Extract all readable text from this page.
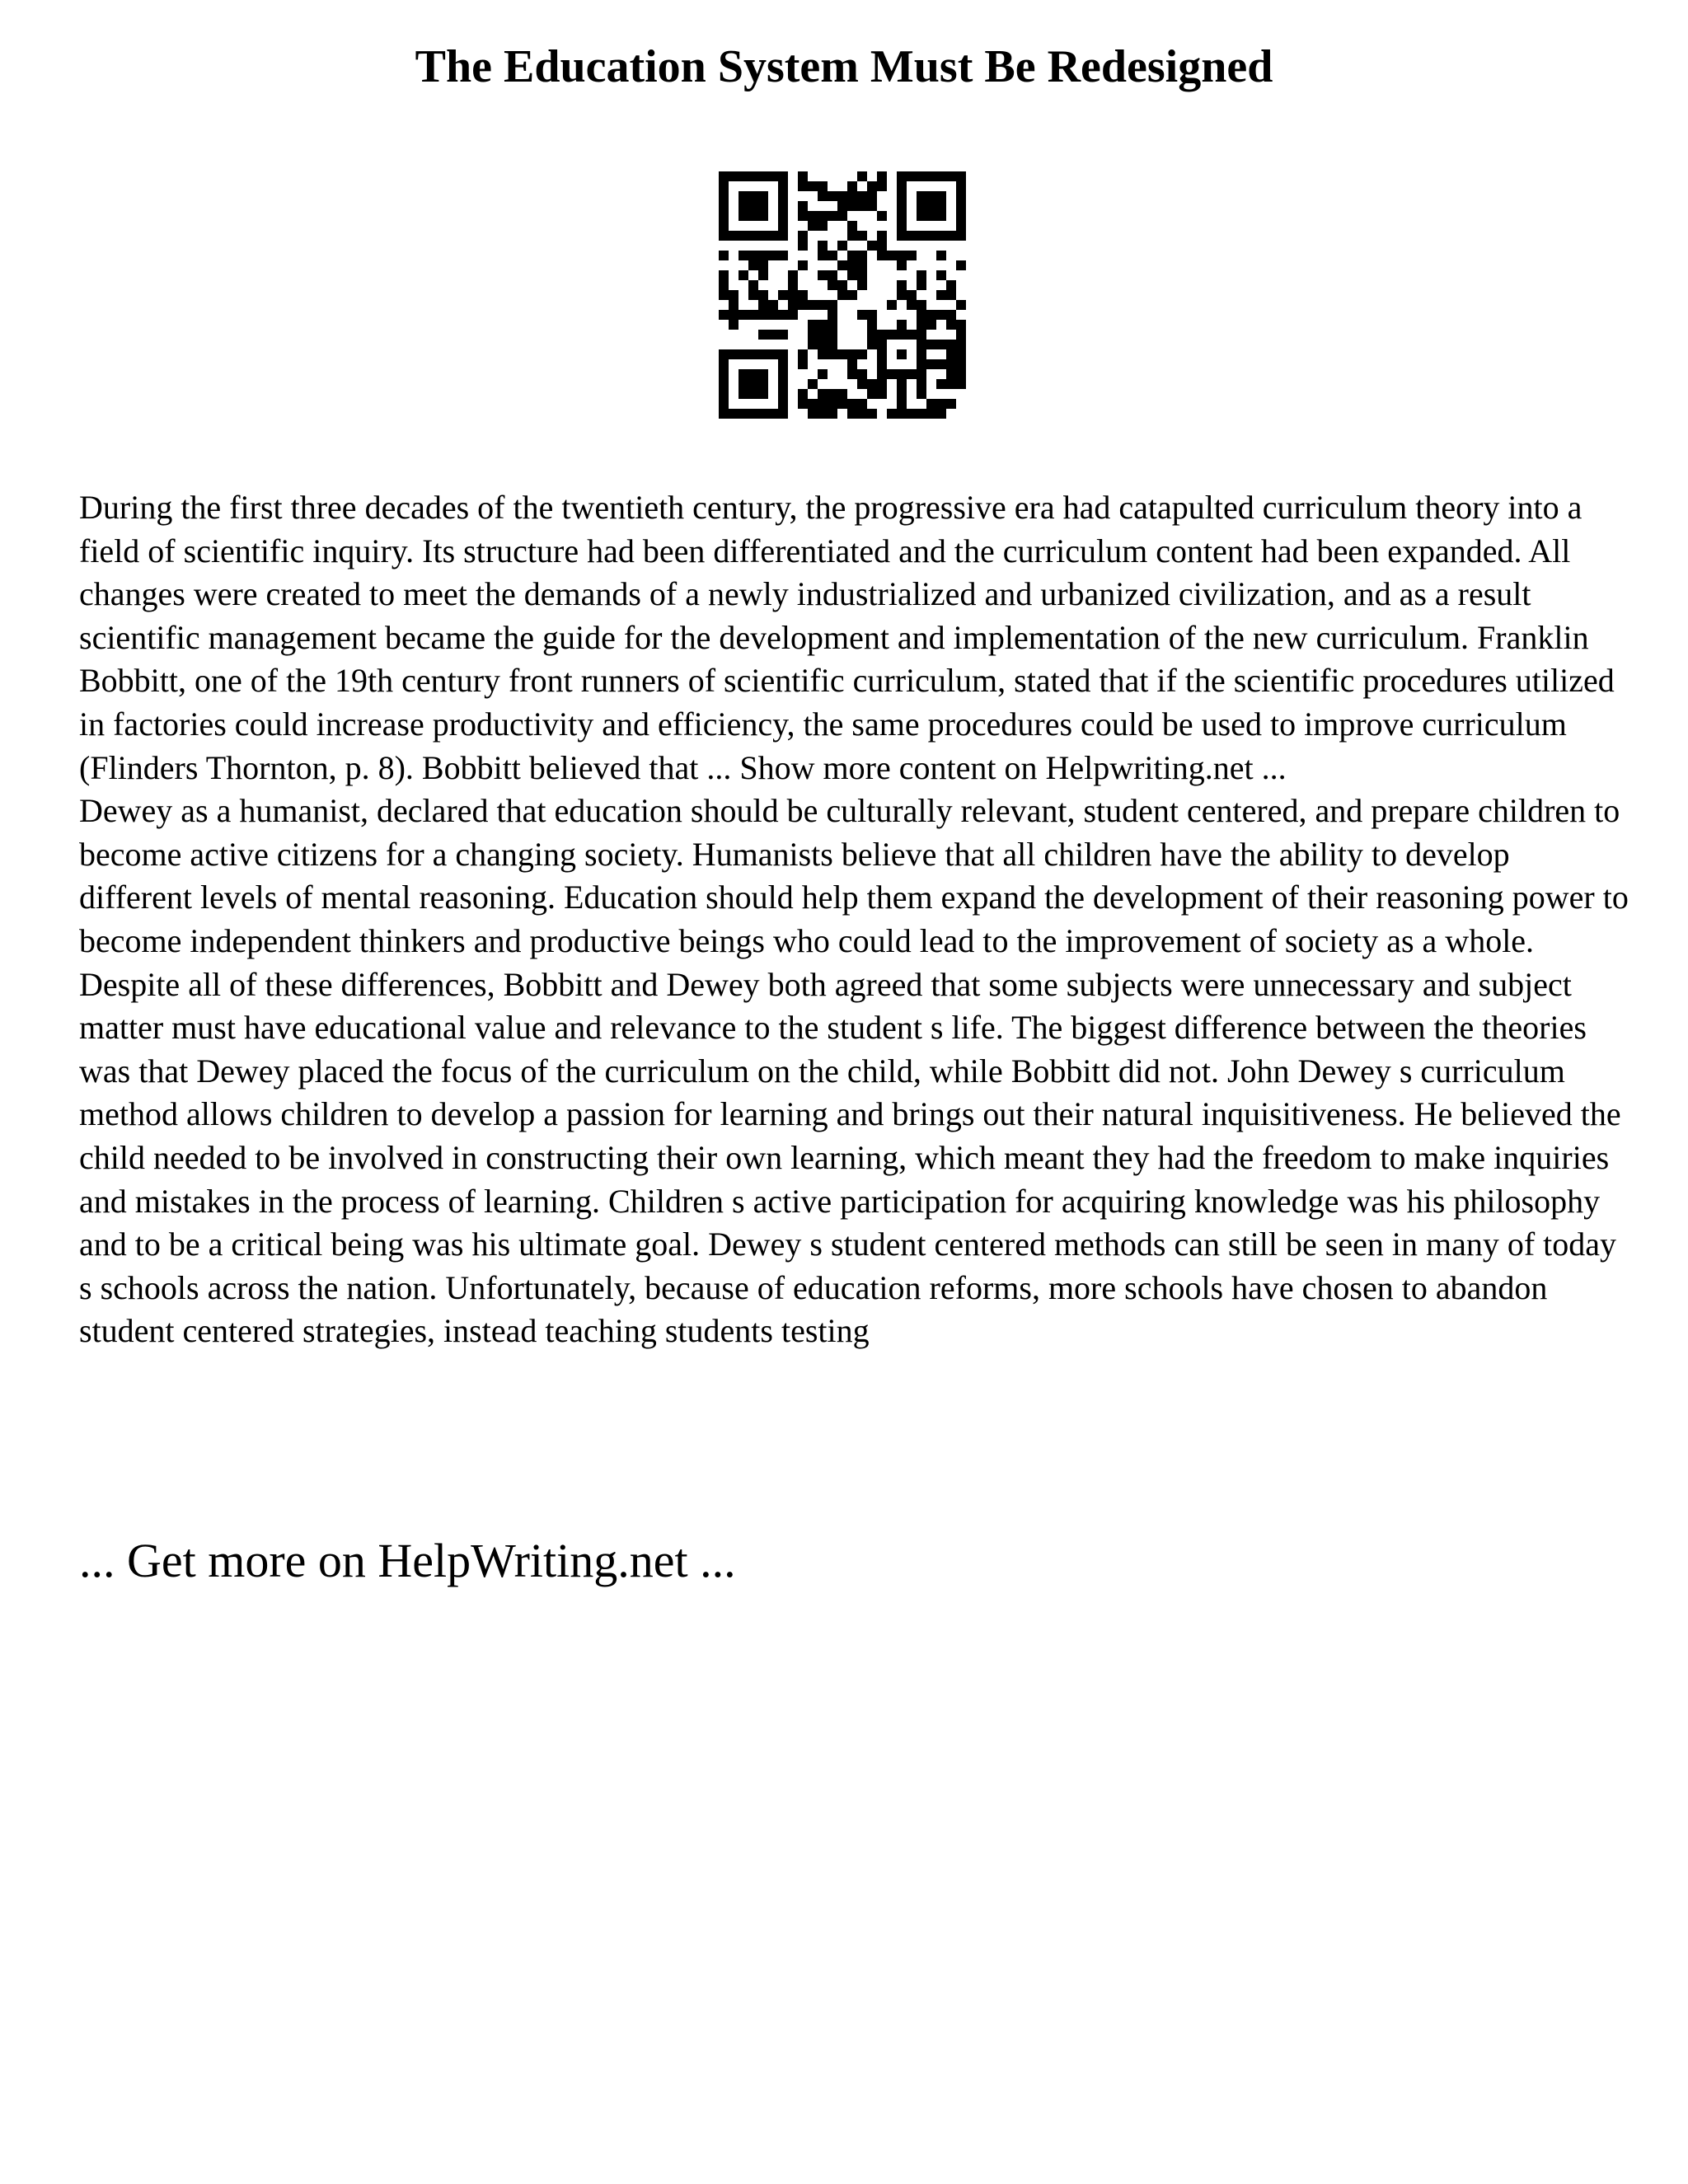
The Education System Must Be Redesigned

During the first three decades of the twentieth century, the progressive era had catapulted curriculum theory into a field of scientific inquiry. Its structure had been differentiated and the curriculum content had been expanded. All changes were created to meet the demands of a newly industrialized and urbanized civilization, and as a result scientific management became the guide for the development and implementation of the new curriculum. Franklin Bobbitt, one of the 19th century front runners of scientific curriculum, stated that if the scientific procedures utilized in factories could increase productivity and efficiency, the same procedures could be used to improve curriculum (Flinders Thornton, p. 8). Bobbitt believed that ... Show more content on Helpwriting.net ...

Dewey as a humanist, declared that education should be culturally relevant, student centered, and prepare children to become active citizens for a changing society. Humanists believe that all children have the ability to develop different levels of mental reasoning. Education should help them expand the development of their reasoning power to become independent thinkers and productive beings who could lead to the improvement of society as a whole. Despite all of these differences, Bobbitt and Dewey both agreed that some subjects were unnecessary and subject matter must have educational value and relevance to the student s life. The biggest difference between the theories was that Dewey placed the focus of the curriculum on the child, while Bobbitt did not. John Dewey s curriculum method allows children to develop a passion for learning and brings out their natural inquisitiveness. He believed the child needed to be involved in constructing their own learning, which meant they had the freedom to make inquiries and mistakes in the process of learning. Children s active participation for acquiring knowledge was his philosophy and to be a critical being was his ultimate goal. Dewey s student centered methods can still be seen in many of today s schools across the nation. Unfortunately, because of education reforms, more schools have chosen to abandon student centered strategies, instead teaching students testing

... Get more on HelpWriting.net ...
